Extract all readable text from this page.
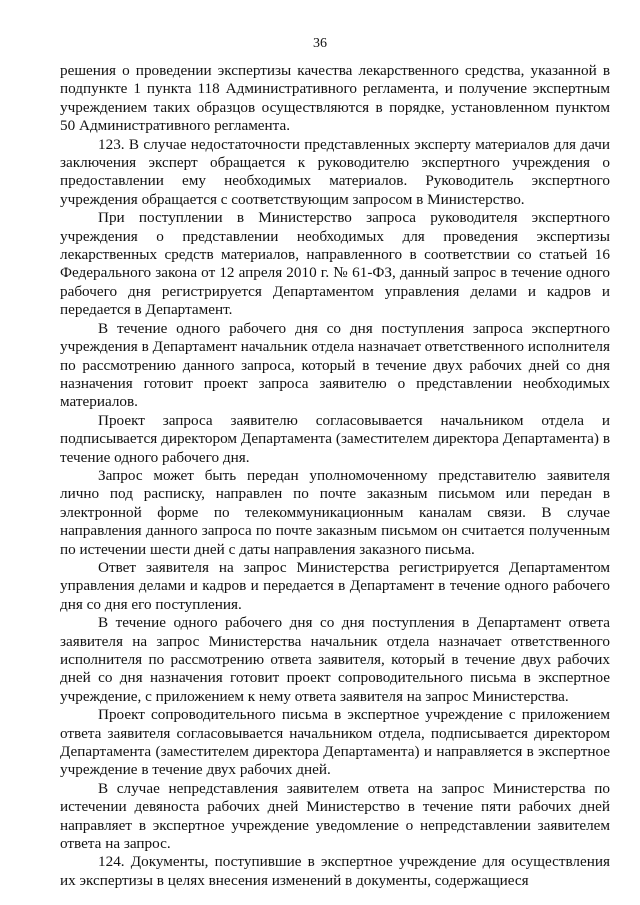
36

решения о проведении экспертизы качества лекарственного средства, указанной в подпункте 1 пункта 118 Административного регламента, и получение экспертным учреждением таких образцов осуществляются в порядке, установленном пунктом 50 Административного регламента.

123. В случае недостаточности представленных эксперту материалов для дачи заключения эксперт обращается к руководителю экспертного учреждения о предоставлении ему необходимых материалов. Руководитель экспертного учреждения обращается с соответствующим запросом в Министерство.

При поступлении в Министерство запроса руководителя экспертного учреждения о представлении необходимых для проведения экспертизы лекарственных средств материалов, направленного в соответствии со статьей 16 Федерального закона от 12 апреля 2010 г. № 61-ФЗ, данный запрос в течение одного рабочего дня регистрируется Департаментом управления делами и кадров и передается в Департамент.

В течение одного рабочего дня со дня поступления запроса экспертного учреждения в Департамент начальник отдела назначает ответственного исполнителя по рассмотрению данного запроса, который в течение двух рабочих дней со дня назначения готовит проект запроса заявителю о представлении необходимых материалов.

Проект запроса заявителю согласовывается начальником отдела и подписывается директором Департамента (заместителем директора Департамента) в течение одного рабочего дня.

Запрос может быть передан уполномоченному представителю заявителя лично под расписку, направлен по почте заказным письмом или передан в электронной форме по телекоммуникационным каналам связи. В случае направления данного запроса по почте заказным письмом он считается полученным по истечении шести дней с даты направления заказного письма.

Ответ заявителя на запрос Министерства регистрируется Департаментом управления делами и кадров и передается в Департамент в течение одного рабочего дня со дня его поступления.

В течение одного рабочего дня со дня поступления в Департамент ответа заявителя на запрос Министерства начальник отдела назначает ответственного исполнителя по рассмотрению ответа заявителя, который в течение двух рабочих дней со дня назначения готовит проект сопроводительного письма в экспертное учреждение, с приложением к нему ответа заявителя на запрос Министерства.

Проект сопроводительного письма в экспертное учреждение с приложением ответа заявителя согласовывается начальником отдела, подписывается директором Департамента (заместителем директора Департамента) и направляется в экспертное учреждение в течение двух рабочих дней.

В случае непредставления заявителем ответа на запрос Министерства по истечении девяноста рабочих дней Министерство в течение пяти рабочих дней направляет в экспертное учреждение уведомление о непредставлении заявителем ответа на запрос.

124. Документы, поступившие в экспертное учреждение для осуществления их экспертизы в целях внесения изменений в документы, содержащиеся
